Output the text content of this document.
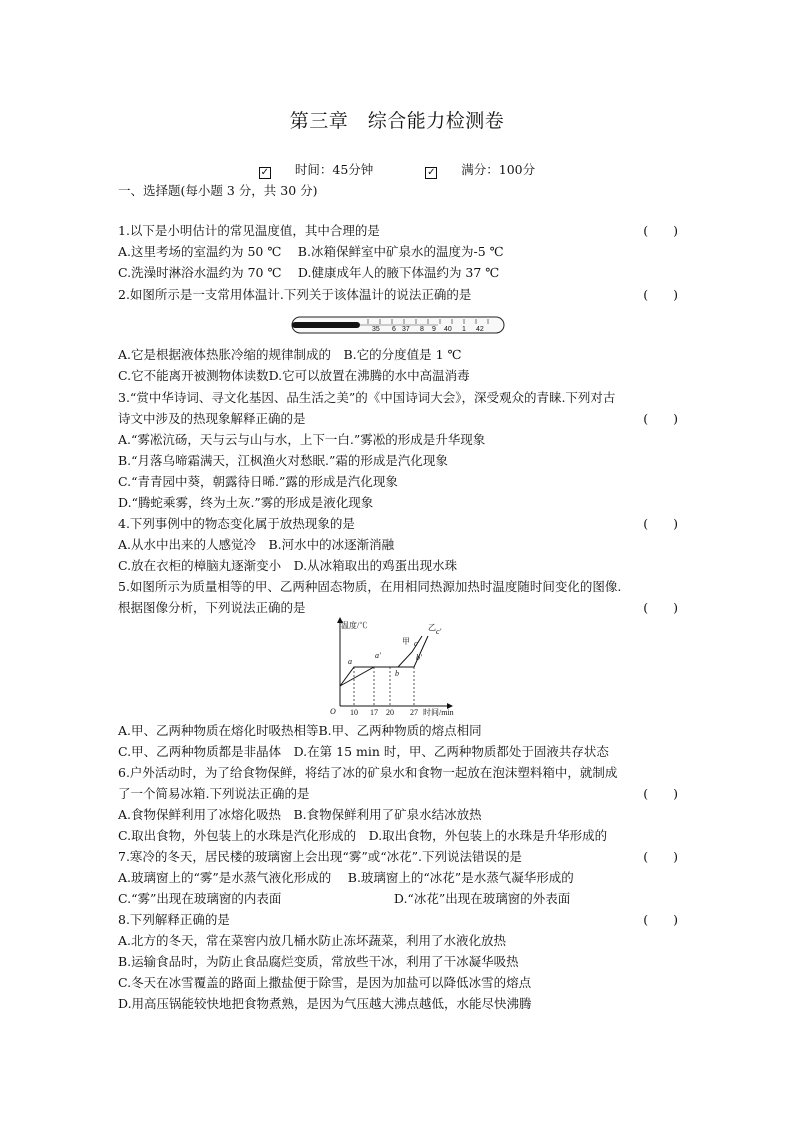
第三章　综合能力检测卷
✓ 时间：45分钟	✓ 满分：100分
一、选择题(每小题 3 分，共 30 分)
1.以下是小明估计的常见温度值，其中合理的是	(　　)
A.这里考场的室温约为 50 ℃　 B.冰箱保鲜室中矿泉水的温度为-5 ℃
C.洗澡时淋浴水温约为 70 ℃　 D.健康成年人的腋下体温约为 37 ℃
2.如图所示是一支常用体温计.下列关于该体温计的说法正确的是	(　　)
35 6 37 8 9 40 1 42
A.它是根据液体热胀冷缩的规律制成的　B.它的分度值是 1 ℃
C.它不能离开被测物体读数D.它可以放置在沸腾的水中高温消毒
3.“赏中华诗词、寻文化基因、品生活之美”的《中国诗词大会》，深受观众的青睐.下列对古
诗文中涉及的热现象解释正确的是	(　　)
A.“雾凇沆砀，天与云与山与水，上下一白.”雾凇的形成是升华现象
B.“月落乌啼霜满天，江枫渔火对愁眠.”霜的形成是汽化现象
C.“青青园中葵，朝露待日晞.”露的形成是汽化现象
D.“腾蛇乘雾，终为土灰.”雾的形成是液化现象
4.下列事例中的物态变化属于放热现象的是	(　　)
A.从水中出来的人感觉冷　B.河水中的冰逐渐消融
C.放在衣柜的樟脑丸逐渐变小　D.从冰箱取出的鸡蛋出现水珠
5.如图所示为质量相等的甲、乙两种固态物质，在用相同热源加热时温度随时间变化的图像.
根据图像分析，下列说法正确的是	(　　)
温度/℃
时间/min
O 10 17 20 27
甲
乙
a
a′
b
b′
c
c′
A.甲、乙两种物质在熔化时吸热相等B.甲、乙两种物质的熔点相同
C.甲、乙两种物质都是非晶体　D.在第 15 min 时，甲、乙两种物质都处于固液共存状态
6.户外活动时，为了给食物保鲜，将结了冰的矿泉水和食物一起放在泡沫塑料箱中，就制成
了一个简易冰箱.下列说法正确的是	(　　)
A.食物保鲜利用了冰熔化吸热　B.食物保鲜利用了矿泉水结冰放热
C.取出食物，外包装上的水珠是汽化形成的　D.取出食物，外包装上的水珠是升华形成的
7.寒冷的冬天，居民楼的玻璃窗上会出现“雾”或“冰花”.下列说法错误的是	(　　)
A.玻璃窗上的“雾”是水蒸气液化形成的　 B.玻璃窗上的“冰花”是水蒸气凝华形成的
C.“雾”出现在玻璃窗的内表面　　　　　　　　　D.“冰花”出现在玻璃窗的外表面
8.下列解释正确的是	(　　)
A.北方的冬天，常在菜窖内放几桶水防止冻坏蔬菜，利用了水液化放热
B.运输食品时，为防止食品腐烂变质，常放些干冰，利用了干冰凝华吸热
C.冬天在冰雪覆盖的路面上撒盐便于除雪，是因为加盐可以降低冰雪的熔点
D.用高压锅能较快地把食物煮熟，是因为气压越大沸点越低，水能尽快沸腾
